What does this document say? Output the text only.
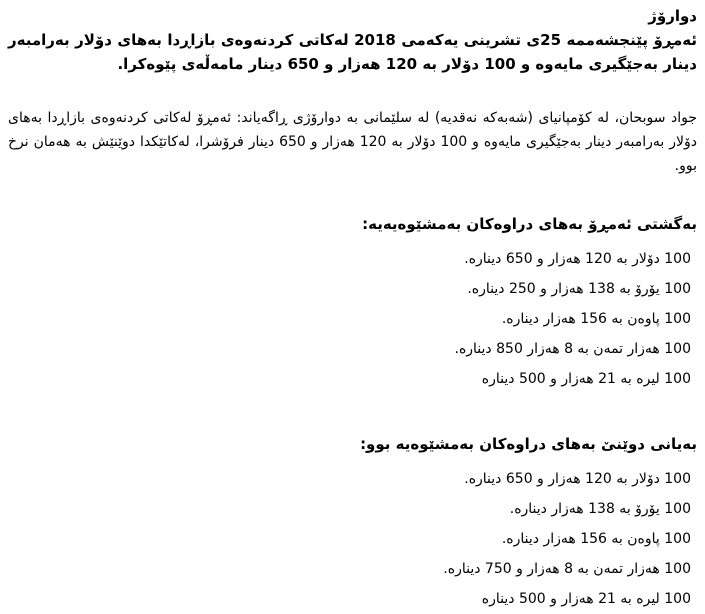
دوارۆژ

ئەمڕۆ پێنجشەممە 25ی تشرینی یەکەمی 2018 لەکاتی کردنەوەی بازاڕدا بەهای دۆلار بەرامبەر دینار بەجێگیری مایەوە و 100 دۆلار بە 120 هەزار و 650 دینار مامەڵەی پێوەکرا.

جواد سوبحان، لە کۆمپانیای (شەبەکە نەقدیە) لە سلێمانی بە دوارۆژی ڕاگەیاند: ئەمڕۆ لەکاتی کردنەوەی بازاڕدا بەهای دۆلار بەرامبەر دینار بەجێگیری مایەوە و 100 دۆلار بە 120 هەزار و 650 دینار فرۆشرا، لەکاتێکدا دوێنێش بە هەمان نرخ بوو.

بەگشتی ئەمڕۆ بەهای دراوەکان بەمشێوەیەیە:

100 دۆلار بە 120 هەزار و 650 دینارە.
100 یۆرۆ بە 138 هەزار و 250 دینارە.
100 پاوەن بە 156 هەزار دینارە.
100 هەزار تمەن بە 8 هەزار 850 دینارە.
100 لیرە بە 21 هەزار و 500 دینارە

بەیانی دوێنێ بەهای دراوەکان بەمشێوەیە بوو:

100 دۆلار بە 120 هەزار و 650 دینارە.
100 یۆرۆ بە 138 هەزار دینارە.
100 پاوەن بە 156 هەزار دینارە.
100 هەزار تمەن بە 8 هەزار و 750 دینارە.
100 لیرە بە 21 هەزار و 500 دینارە
